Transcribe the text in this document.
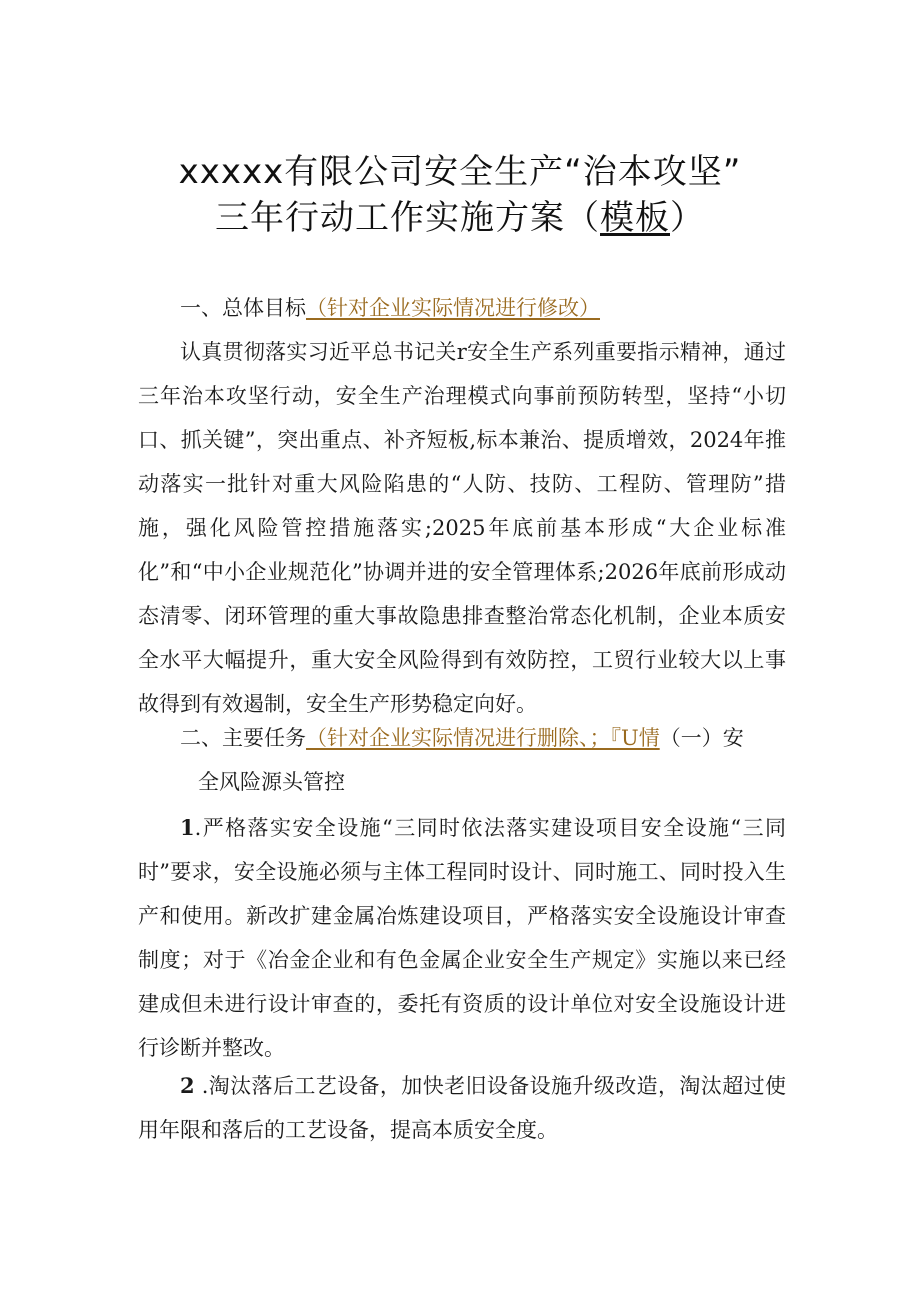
xxxxx有限公司安全生产“治本攻坚”
三年行动工作实施方案（模板）

一、总体目标（针对企业实际情况进行修改）

认真贯彻落实习近平总书记关r安全生产系列重要指示精神，通过三年治本攻坚行动，安全生产治理模式向事前预防转型，坚持“小切口、抓关键”，突出重点、补齐短板,标本兼治、提质增效，2024年推动落实一批针对重大风险陷患的“人防、技防、工程防、管理防”措施，强化风险管控措施落实;2025年底前基本形成“大企业标准化”和“中小企业规范化”协调并进的安全管理体系;2026年底前形成动态清零、闭环管理的重大事故隐患排查整治常态化机制，企业本质安全水平大幅提升，重大安全风险得到有效防控，工贸行业较大以上事故得到有效遏制，安全生产形势稳定向好。

二、主要任务（针对企业实际情况进行删除、；『U情（一）安

全风险源头管控

1.严格落实安全设施“三同时依法落实建设项目安全设施“三同时”要求，安全设施必须与主体工程同时设计、同时施工、同时投入生产和使用。新改扩建金属冶炼建设项目，严格落实安全设施设计审查制度；对于《冶金企业和有色金属企业安全生产规定》实施以来已经建成但未进行设计审查的，委托有资质的设计单位对安全设施设计进行诊断并整改。

2 .淘汰落后工艺设备，加快老旧设备设施升级改造，淘汰超过使用年限和落后的工艺设备，提高本质安全度。
